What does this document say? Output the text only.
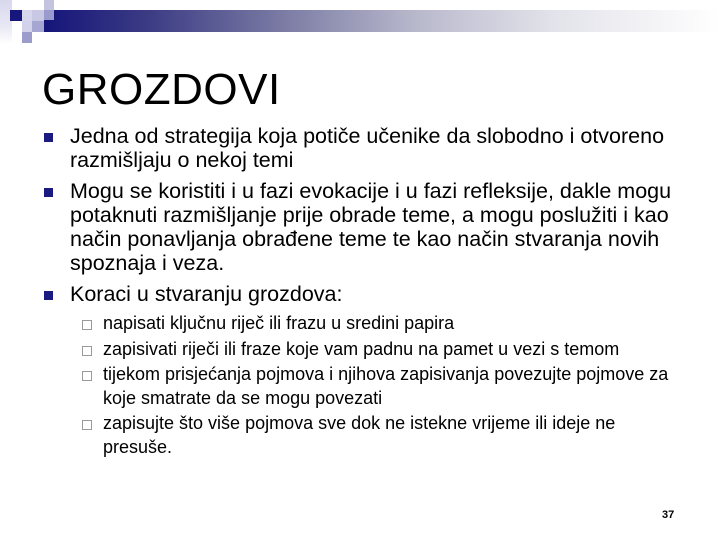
GROZDOVI
Jedna od strategija koja potiče učenike da slobodno i otvoreno razmišljaju o nekoj temi
Mogu se koristiti i u fazi evokacije i u fazi refleksije, dakle mogu potaknuti razmišljanje prije obrade teme, a mogu poslužiti i kao način ponavljanja obrađene teme te kao način stvaranja novih spoznaja i veza.
Koraci u stvaranju grozdova:
napisati ključnu riječ ili frazu u sredini papira
zapisivati riječi ili fraze koje vam padnu na pamet u vezi s temom
tijekom prisjećanja pojmova i njihova zapisivanja povezujte pojmove za koje smatrate da se mogu povezati
zapisujte što više pojmova sve dok ne istekne vrijeme ili ideje ne presuše.
37
